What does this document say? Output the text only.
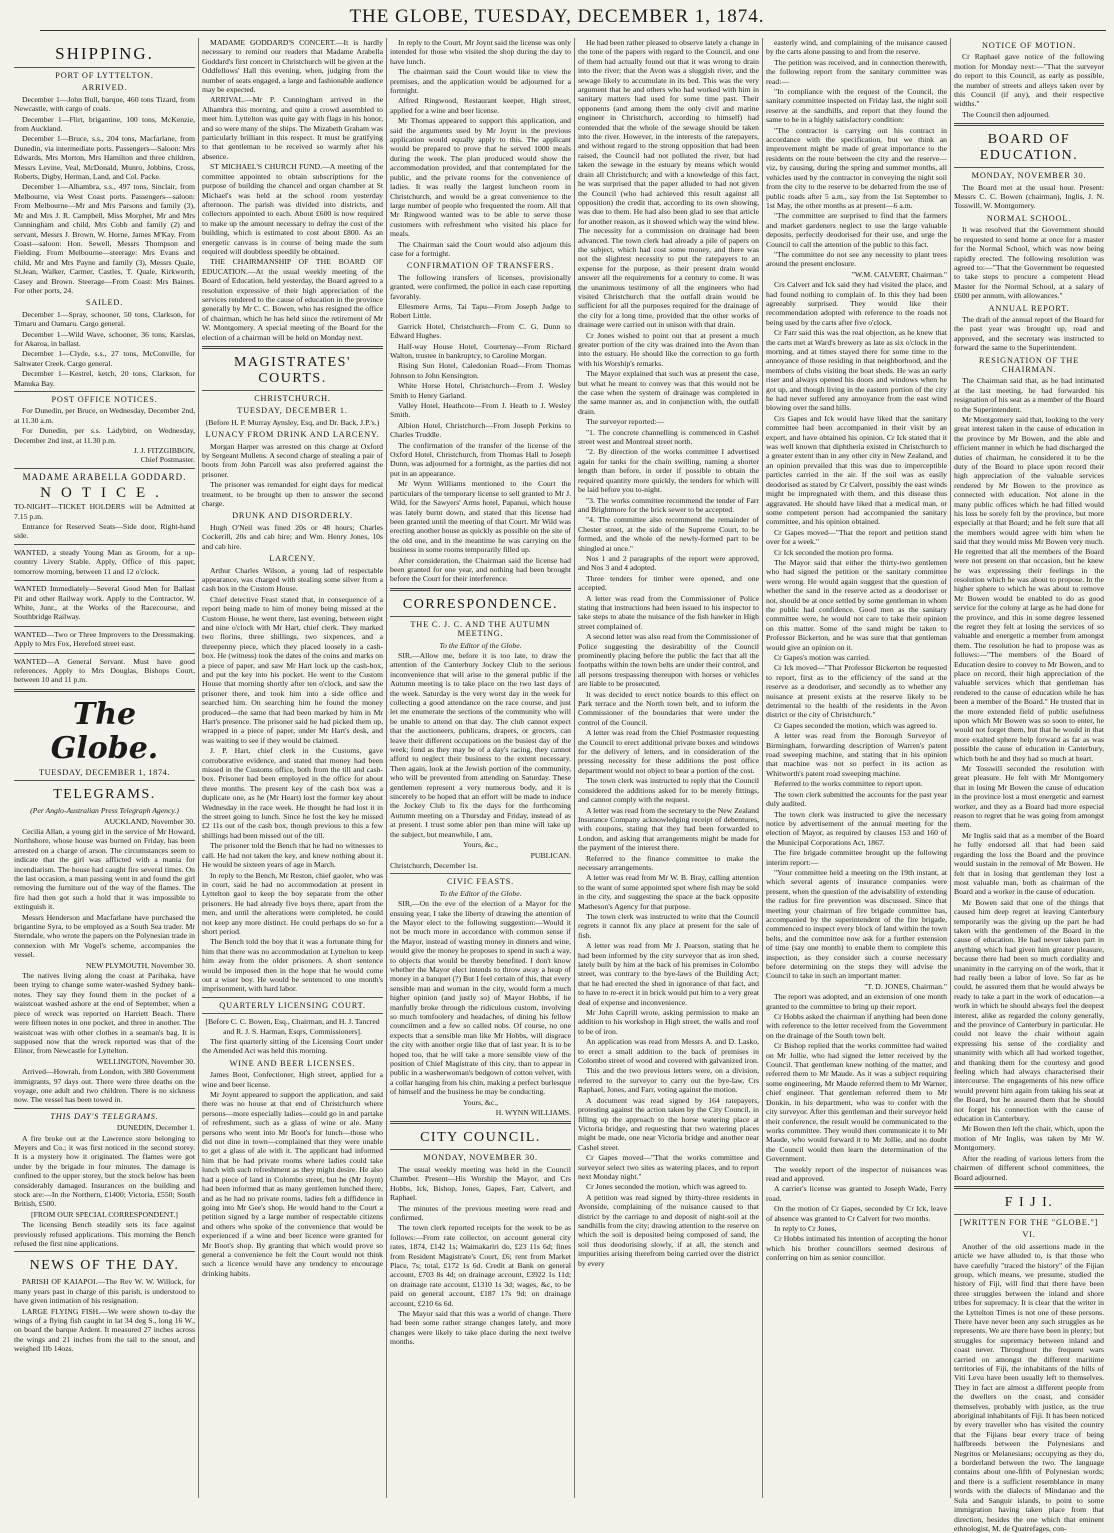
THE GLOBE, TUESDAY, DECEMBER 1, 1874.
SHIPPING.
PORT OF LYTTELTON.
ARRIVED.

December 1—John Bull, barque, 460 tons Tizard, from Newcastle, with cargo of coals.

December 1—Flirt, brigantine, 100 tons, McKenzie, from Auckland.

December 1—Bruce, s.s., 204 tons, Macfarlane, from Dunedin, via intermediate ports. Passengers—Saloon: Mrs Edwards, Mrs Morton, Mrs Hamilton and three children, Messrs Levine, Veal, McDonald, Munro, Jobbins, Cross, Roberts, Digby, Herman, Land, and Col. Packe.

December 1—Alhambra, s.s., 497 tons, Sinclair, from Melbourne, via West Coast ports. Passengers—saloon: From Melbourne—Mr and Mrs Parsons and family (3), Mr and Mrs J. R. Campbell, Miss Morphet, Mr and Mrs Cunningham and child, Mrs Cobb and family (2) and servant, Messrs J. Brown, W. Horne, James M'Kay. From Coast—saloon: Hon. Sewell, Messrs Thompson and Fielding. From Melbourne—steerage: Mrs Evans and child, Mr and Mrs Payne and family (3), Messrs Quale, St.Jean, Walker, Carmer, Castles, T. Quale, Kirkworth, Casey and Brown. Steerage—From Coast: Mrs Baines. For other ports, 24.

SAILED.

December 1—Spray, schooner, 50 tons, Clarkson, for Timaru and Oamaru. Cargo general.

December 1—Wild Wave, schooner, 36 tons, Karslas, for Akaroa, in ballast.

December 1—Clyde, s.s., 27 tons, McConville, for Saltwater Creek. Cargo general.

December 1—Kestrel, ketch, 20 tons, Clarkson, for Manuka Bay.

POST OFFICE NOTICES.

For Dunedin, per Bruce, on Wednesday, December 2nd, at 11.30 a.m.

For Dunedin, per s.s. Ladybird, on Wednesday, December 2nd inst, at 11.30 p.m.

J. J. FITZGIBBON,
Chief Postmaster.
MADAME ARABELLA GODDARD.
NOTICE.

TO-NIGHT—TICKET HOLDERS will be Admitted at 7.15 p.m.

Entrance for Reserved Seats—Side door, Right-hand side.

WANTED, a steady Young Man as Groom, for a up-country Livery Stable. Apply, Office of this paper, tomorrow morning, between 11 and 12 o'clock.

WANTED Immediately—Several Good Men for Ballast Pit and other Railway work. Apply to the Contractor, W. White, Junr., at the Works of the Racecourse, and Southbridge Railway.

WANTED—Two or Three Improvers to the Dressmaking. Apply to Mrs Fox, Hereford street east.

WANTED—A General Servant. Must have good references. Apply to Mrs Douglas, Bishops Court, between 10 and 11 p.m.

The Globe.
TUESDAY, DECEMBER 1, 1874.
TELEGRAMS.

(Per Anglo-Australian Press Telegraph Agency.)

AUCKLAND, November 30.

Cecilia Allan, a young girl in the service of Mr Howard, Northshore, whose house was burned on Friday, has been arrested on a charge of arson. The circumstances seem to indicate that the girl was afflicted with a mania for incendiarism. The house had caught fire several times. On the last occasion, a man passing went in and found the girl removing the furniture out of the way of the flames. The fire had then got such a hold that it was impossible to extinguish it.

Messrs Henderson and Macfarlane have purchased the brigantine Syra, to be employed as a South Sea trader. Mr Sterndale, who wrote the papers on the Polynesian trade in connexion with Mr Vogel's scheme, accompanies the vessel.

NEW PLYMOUTH, November 30.

The natives living along the coast at Parihaka, have been trying to change some water-washed Sydney bank-notes. They say they found them in the pocket of a waistcoat washed ashore at the end of September, when a piece of wreck was reported on Harriett Beach. There were fifteen notes in one pocket, and three in another. The waistcoat was with other clothes in a seaman's bag. It is supposed now that the wreck reported was that of the Elinor, from Newcastle for Lyttelton.

WELLINGTON, November 30.

Arrived—Howrah, from London, with 380 Government immigrants, 97 days out. There were three deaths on the voyage, one adult and two children. There is no sickness now. The vessel has been towed in.

THIS DAY'S TELEGRAMS.

DUNEDIN, December 1.

A fire broke out at the Lawrence store belonging to Meyers and Co.; it was first noticed in the second storey. It is a mystery how it originated. The flames were got under by the brigade in four minutes. The damage is confined to the upper storey, but the stock below has been considerably damaged. Insurances on the building and stock are:—In the Northern, £1400; Victoria, £550; South British, £500.

[FROM OUR SPECIAL CORRESPONDENT.]

The licensing Bench steadily sets its face against previously refused applications. This morning the Bench refused the first nine applications.

NEWS OF THE DAY.

PARISH OF KAIAPOI.—The Rev W. W. Willock, for many years past in charge of this parish, is understood to have given intimation of his resignation.

LARGE FLYING FISH.—We were shown to-day the wings of a flying fish caught in lat 34 deg S., long 16 W., on board the barque Ardent. It measured 27 inches across the wings and 21 inches from the tail to the snout, and weighed 1lb 14ozs.

MADAME GODDARD'S CONCERT.—It is hardly necessary to remind our readers that Madame Arabella Goddard's first concert in Christchurch will be given at the Oddfellows' Hall this evening, when, judging from the number of seats engaged, a large and fashionable audience may be expected.

ARRIVAL.—Mr P. Cunningham arrived in the Alhambra this morning, and quite a crowd assembled to meet him. Lyttelton was quite gay with flags in his honor, and so were many of the ships. The Mizabeth Graham was particularly brilliant in this respect. It must be gratifying to that gentleman to be received so warmly after his absence.

ST MICHAEL'S CHURCH FUND.—A meeting of the committee appointed to obtain subscriptions for the purpose of building the chancel and organ chamber at St Michael's was held at the school room yesterday afternoon. The parish was divided into districts, and collectors appointed to each. About £600 is now required to make up the amount necessary to defray the cost of the building, which is estimated to cost about £800. As an energetic canvass is in course of being made the sum required will doubtless speedily be obtained.

THE CHAIRMANSHIP OF THE BOARD OF EDUCATION.—At the usual weekly meeting of the Board of Education, held yesterday, the Board agreed to a resolution expressive of their high appreciation of the services rendered to the cause of education in the province generally by Mr C. C. Bowen, who has resigned the office of chairman, which he has held since the retirement of Mr W. Montgomery. A special meeting of the Board for the election of a chairman will be held on Monday next.

MAGISTRATES' COURTS.
CHRISTCHURCH.
TUESDAY, DECEMBER 1.

(Before H. P. Murray Aynsley, Esq, and Dr. Back, J.P.'s.)

LUNACY FROM DRINK AND LARCENY.

Morgan Harper was arrested on this charge at Oxford by Sergeant Mullens. A second charge of stealing a pair of boots from John Parcell was also preferred against the prisoner.

The prisoner was remanded for eight days for medical treatment, to be brought up then to answer the second charge.

DRUNK AND DISORDERLY.

Hugh O'Neil was fined 20s or 48 hours; Charles Cockerill, 20s and cab hire; and Wm. Henry Jones, 10s and cab hire.

LARCENY.

Arthur Charles Wilson, a young lad of respectable appearance, was charged with stealing some silver from a cash box in the Custom House.

Chief detective Feast stated that, in consequence of a report being made to him of money being missed at the Custom House, he went there, last evening, between eight and nine o'clock with Mr Hart, chief clerk. They marked two florins, three shillings, two sixpences, and a threepenny piece, which they placed loosely in a cash-box. He (witness) took the dates of the coins and marks on a piece of paper, and saw Mr Hart lock up the cash-box, and put the key into his pocket. He went to the Custom House that morning shortly after ten o'clock, and saw the prisoner there, and took him into a side office and searched him. On searching him he found the money produced—the same that had been marked by him in Mr Hart's presence. The prisoner said he had picked them up, wrapped in a piece of paper, under Mr Hart's desk, and was waiting to see if they would be claimed.

J. P. Hart, chief clerk in the Customs, gave corroborative evidence, and stated that money had been missed in the Customs office, both from the till and cash-box. Prisoner had been employed in the office for about three months. The present key of the cash box was a duplicate one, as he (Mr Heart) lost the former key about Wednesday in the race week. He thought he had lost it in the street going to lunch. Since he lost the key he missed £2 11s out of the cash box, though previous to this a few shillings had been missed out of the till.

The prisoner told the Bench that he had no witnesses to call. He had not taken the key, and knew nothing about it. He would be sixteen years of age in March.

In reply to the Bench, Mr Reston, chief gaoler, who was in court, said he had no accommodation at present in Lyttelton gaol to keep the boy separate from the other prisoners. He had already five boys there, apart from the men, and until the alterations were completed, he could not keep any more distinct. He could perhaps do so for a short period.

The Bench told the boy that it was a fortunate thing for him that there was no accommodation at Lyttelton to keep him away from the older prisoners. A short sentence would be imposed then in the hope that he would come out a wiser boy. He would be sentenced to one month's imprisonment, with hard labor.

QUARTERLY LICENSING COURT.

[Before C. C. Bowen, Esq., Chairman, and H. J. Tancred and R. J. S. Harman, Esqrs, Commissioners].

The first quarterly sitting of the Licensing Court under the Amended Act was held this morning.

WINE AND BEER LICENSES.

James Boot, Confectioner, High street, applied for a wine and beer license.

Mr Joynt appeared to support the application, and said there was no house at that end of Christchurch where persons—more especially ladies—could go in and partake of refreshment, such as a glass of wine or ale. Many persons who went into Mr Boot's for lunch—those who did not dine in town—complained that they were unable to get a glass of ale with it. The applicant had informed him that he had private rooms where ladies could take lunch with such refreshment as they might desire. He also had a piece of land in Colombo street, but he (Mr Joynt) had been informed that as many gentlemen lunched there, and as he had no private rooms, ladies felt a diffidence in going into Mr Gee's shop. He would hand to the Court a petition signed by a large number of respectable citizens and others who spoke of the convenience that would be experienced if a wine and beer licence were granted for Mr Boot's shop. By granting that which would prove so general a convenience he felt the Court would not think such a licence would have any tendency to encourage drinking habits.

In reply to the Court, Mr Joynt said the license was only intended for those who visited the shop during the day to have lunch.

The chairman said the Court would like to view the premises, and the application would be adjourned for a fortnight.

Alfred Ringwood, Restaurant keeper, High street, applied for a wine and beer license.

Mr Thomas appeared to support this application, and said the arguments used by Mr Joynt in the previous application would equally apply to this. The applicant would be prepared to prove that he served 1000 meals during the week. The plan produced would show the accommodation provided, and that contemplated for the public, and the private rooms for the convenience of ladies. It was really the largest luncheon room in Christchurch, and would be a great convenience to the large number of people who frequented the room. All that Mr Ringwood wanted was to be able to serve those customers with refreshment who visited his place for meals.

The Chairman said the Court would also adjourn this case for a fortnight.

CONFIRMATION OF TRANSFERS.

The following transfers of licenses, provisionally granted, were confirmed, the police in each case reporting favorably.

Ellesmere Arms, Tai Tapu—From Joseph Judge to Robert Little.

Garrick Hotel, Christchurch—From C. G. Dunn to Edward Hughes.

Half-way House Hotel, Courtenay—From Richard Walton, trustee in bankruptcy, to Caroline Morgan.

Rising Sun Hotel, Caledonian Road—From Thomas Johnson to John Kensington.

White Horse Hotel, Christchurch—From J. Wesley Smith to Henry Garland.

Valley Hotel, Heathcote—From J. Heath to J. Wesley Smith.

Albion Hotel, Christchurch—From Joseph Perkins to Charles Truddle.

The confirmation of the transfer of the license of the Oxford Hotel, Christchurch, from Thomas Hall to Joseph Dunn, was adjourned for a fortnight, as the parties did not put in an appearance.

Mr Wynn Williams mentioned to the Court the particulars of the temporary license to sell granted to Mr J. Wild, for the Sawyers' Arms hotel, Papanui, which house was lately burnt down, and stated that this license had been granted until the meeting of that Court. Mr Wild was erecting another house as quickly as possible on the site of the old one, and in the meantime he was carrying on the business in some rooms temporarily filled up.

After consideration, the Chairman said the license had been granted for one year, and nothing had been brought before the Court for their interference.

CORRESPONDENCE.
THE C. J. C. AND THE AUTUMN MEETING.

To the Editor of the Globe.

SIR,—Allow me, before it is too late, to draw the attention of the Canterbury Jockey Club to the serious inconvenience that will arise to the general public if the Autumn meeting is to take place on the two last days of the week. Saturday is the very worst day in the week for collecting a good attendance on the race course, and just let me enumerate the sections of the community who will be unable to attend on that day. The club cannot expect that the auctioneers, publicans, drapers, or grocers, can leave their different occupations on the busiest day of the week; fond as they may be of a day's racing, they cannot afford to neglect their business to the extent necessary. Then again, look at the Jewish portion of the community, who will be prevented from attending on Saturday. These gentlemen represent a very numerous body, and it is sincerely to be hoped that an effort will be made to induce the Jockey Club to fix the days for the forthcoming Autumn meeting on a Thursday and Friday, instead of as at present. I trust some abler pen than mine will take up the subject, but meanwhile, I am,

Yours, &c.,

PUBLICAN.

Christchurch, December 1st.

CIVIC FEASTS.

To the Editor of the Globe.

SIR,—On the eve of the election of a Mayor for the ensuing year, I take the liberty of drawing the attention of the Mayor elect to the following suggestion:—Would it not be much more in accordance with common sense if the Mayor, instead of wasting money in dinners and wine, would give the money he proposes to spend in such a way, to objects that would be thereby benefited. I don't know whether the Mayor elect intends to throw away a heap of money in a banquet (?) But I feel certain of this, that every sensible man and woman in the city, would form a much higher opinion (and justly so) of Mayor Hobbs, if he manfully broke through the ridiculous custom, involving so much tomfoolery and headaches, of dining his fellow councilmen and a few so called nobs. Of course, no one expects that a sensible man like Mr Hobbs, will disgrace the city with another orgie like that of last year. It is to be hoped too, that he will take a more sensible view of the position of Chief Magistrate of this city, than to appear in public in a washerwoman's bedgown of cotton velvet, with a collar hanging from his chin, making a perfect burlesque of himself and the business he may be conducting.

Yours, &c.,

H. WYNN WILLIAMS.

CITY COUNCIL.
MONDAY, NOVEMBER 30.

The usual weekly meeting was held in the Council Chamber. Present—His Worship the Mayor, and Crs Hobbs, Ick, Bishop, Jones, Gapes, Farr, Calvert, and Raphael.

The minutes of the previous meeting were read and confirmed.

The town clerk reported receipts for the week to be as follows:—From rate collector, on account general city rates, 1874, £142 1s; Waimakariri do, £23 11s 6d; fines from Resident Magistrate's Court, £6; rent from Market Place, 7s; total, £172 1s 6d. Credit at Bank on general account, £703 8s 4d; on drainage account, £3922 1s 11d; on drainage rate account, £1310 1s 3d; wages, &c, to be paid on general account, £187 17s 9d; on drainage account, £210 6s 6d.

The Mayor said that this was a world of change. There had been some rather strange changes lately, and more changes were likely to take place during the next twelve months.

He had been rather pleased to observe lately a change in the tone of the papers with regard to the Council, and one of them had actually found out that it was wrong to drain into the river; that the Avon was a sluggish river, and the sewage likely to accumulate in its bed. This was the very argument that he and others who had worked with him in sanitary matters had used for some time past. Their opponents (and among them the only civil and marine engineer in Christchurch, according to himself) had contended that the whole of the sewage should be taken into the river. However, in the interests of the ratepayers, and without regard to the strong opposition that had been raised, the Council had not polluted the river, but had taken the sewage in the estuary by means which would drain all Christchurch; and with a knowledge of this fact, he was surprised that the paper alluded to had not given the Council (who had achieved this result against all opposition) the credit that, according to its own showing, was due to them. He had also been glad to see that article for another reason, as it showed which way the wind blew. The necessity for a commission on drainage had been advanced. The town clerk had already a pile of papers on the subject, which had cost some money, and there was not the slightest necessity to put the ratepayers to an expense for the purpose, as their present drain would answer all the requirements for a century to come. It was the unanimous testimony of all the engineers who had visited Christchurch that the outfall drain would be sufficient for all the purposes required for the drainage of the city for a long time, provided that the other works of drainage were carried out in unison with that drain.

Cr Jones wished to point out that at present a much greater portion of the city was drained into the Avon than into the estuary. He should like the correction to go forth with his Worship's remarks.

The Mayor explained that such was at present the case, but what he meant to convey was that this would not be the case when the system of drainage was completed in the same manner as, and in conjunction with, the outfall drain.

The surveyor reported:—

"1. The concrete channelling is commenced in Cashel street west and Montreal street north.

"2. By direction of the works committee I advertised again for tanks for the chain swilling, naming a shorter length than before, in order if possible to obtain the required quantity more quickly, the tenders for which will be laid before you to-night.

"3. The works committee recommend the tender of Farr and Brightmore for the brick sewer to be accepted.

"4. The committee also recommend the remainder of Chester street, at the side of the Supreme Court, to be formed, and the whole of the newly-formed part to be shingled at once."

Nos 1 and 2 paragraphs of the report were approved, and Nos 3 and 4 adopted.

Three tenders for timber were opened, and one accepted.

A letter was read from the Commissioner of Police stating that instructions had been issued to his inspector to take steps to abate the nuisance of the fish hawker in High street complained of.

A second letter was also read from the Commissioner of Police suggesting the desirability of the Council prominently placing before the public the fact that all the footpaths within the town belts are under their control, and all persons trespassing thereupon with horses or vehicles are liable to be prosecuted.

It was decided to erect notice boards to this effect on Park terrace and the North town belt, and to inform the Commissioner of the boundaries that were under the control of the Council.

A letter was read from the Chief Postmaster requesting the Council to erect additional private boxes and windows for the delivery of letters, and in consideration of the pressing necessity for these additions the post office department would not object to bear a portion of the cost.

The town clerk was instructed to reply that the Council considered the additions asked for to be merely fittings, and cannot comply with the request.

A letter was read from the secretary to the New Zealand Insurance Company acknowledging receipt of debentures, with coupons, stating that they had been forwarded to London, and asking that arrangements might be made for the payment of the interest there.

Referred to the finance committee to make the necessary arrangements.

A letter was read from Mr W. B. Bray, calling attention to the want of some appointed spot where fish may be sold in the city, and suggesting the space at the back opposite Matheson's Agency for that purpose.

The town clerk was instructed to write that the Council regrets it cannot fix any place at present for the sale of fish.

A letter was read from Mr J. Pearson, stating that he had been informed by the city surveyor that as iron shed, lately built by him at the back of his premises in Colombo street, was contrary to the bye-laws of the Building Act; that he had erected the shed in ignorance of that fact, and to have to re-erect it in brick would put him to a very great deal of expense and inconvenience.

Mr John Caprill wrote, asking permission to make an addition to his workshop in High street, the walls and roof to be of iron.

An application was read from Messrs A. and D. Lasko, to erect a small addition to the back of premises in Colombo street of wood and covered with galvanized iron.

This and the two previous letters were, on a division, referred to the surveyor to carry out the bye-law, Crs Raphael, Jones, and Farr, voting against the motion.

A document was read signed by 164 ratepayers, protesting against the action taken by the City Council, in filling up the approach to the horse watering place at Victoria bridge, and requesting that two watering places might be made, one near Victoria bridge and another near Cashel street.

Cr Gapes moved—"That the works committee and surveyor select two sites as watering places, and to report next Monday night."

Cr Jones seconded the motion, which was agreed to.

A petition was read signed by thirty-three residents in Avonside, complaining of the nuisance caused to that district by the carriage to and deposit of night-soil at the sandhills from the city; drawing attention to the reserve on which the soil is deposited being composed of sand, the soil thus deodorising slowly, if at all, the stench and impurities arising therefrom being carried over the district by every

easterly wind, and complaining of the nuisance caused by the carts alone passing to and from the reserve.

The petition was received, and in connection therewith, the following report from the sanitary committee was read:—

"In compliance with the request of the Council, the sanitary committee inspected on Friday last, the night soil reserve at the sandhills, and report that they found the same to be in a highly satisfactory condition:

"The contractor is carrying out his contract in accordance with the specification, but we think an improvement might be made of great importance to the residents on the route between the city and the reserve—viz, by causing, during the spring and summer months, all vehicles used by the contractor in conveying the night soil from the city to the reserve to be debarred from the use of public roads after 5 a.m., say from the 1st September to 1st May, the other months as at present—6 a.m.

"The committee are surprised to find that the farmers and market gardeners neglect to use the large valuable deposits, perfectly deodorised for their use, and urge the Council to call the attention of the public to this fact.

"The committee do not see any necessity to plant trees around the present enclosure.

"W.M. CALVERT, Chairman."

Crs Calvert and Ick said they had visited the place, and had found nothing to complain of. In this they had been agreeably surprised. They would like their recommendation adopted with reference to the roads not being used by the carts after five o'clock.

Cr Farr said this was the real objection, as he knew that the carts met at Ward's brewery as late as six o'clock in the morning, and at times stayed there for some time to the annoyance of those residing in that neighborhood, and the members of clubs visiting the boat sheds. He was an early riser and always opened his doors and windows when he got up, and though living in the eastern portion of the city he had never suffered any annoyance from the east wind blowing over the sand hills.

Crs Gapes and Ick would have liked that the sanitary committee had been accompanied in their visit by an expert, and have obtained his opinion. Cr Ick stated that it was well known that diphtheria existed in Christchurch to a greater extent than in any other city in New Zealand, and an opinion prevailed that this was due to imperceptible particles carried in the air. If the soil was as easily deodorised as stated by Cr Calvert, possibly the east winds might be impregnated with them, and this disease thus aggravated. He should have liked that a medical man, or some competent person had accompanied the sanitary committee, and his opinion obtained.

Cr Gapes moved—"That the report and petition stand over for a week."

Cr Ick seconded the motion pro forma.

The Mayor said that either the thirty-two gentlemen who had signed the petition or the sanitary committee were wrong. He would again suggest that the question of whether the sand in the reserve acted as a deodoriser or not, should be at once settled by some gentleman in whom the public had confidence. Good men as the sanitary committee were, he would not care to take their opinion on this matter. Some of the sand might be taken to Professor Bickerton, and he was sure that that gentleman would give an opinion on it.

Cr Gapes's motion was carried.

Cr Ick moved—"That Professor Bickerton be requested to report, first as to the efficiency of the sand at the reserve as a deodoriser, and secondly as to whether any nuisance at present exists at the reserve likely to be detrimental to the health of the residents in the Avon district or the city of Christchurch."

Cr Gapes seconded the motion, which was agreed to.

A letter was read from the Borough Surveyor of Birmingham, forwarding description of Warren's patent road sweeping machine, and stating that in his opinion that machine was not so perfect in its action as Whitworth's patent road sweeping machine.

Referred to the works committee to report upon.

The town clerk submitted the accounts for the past year duly audited.

The town clerk was instructed to give the necessary notice by advertisement of the annual meeting for the election of Mayor, as required by clauses 153 and 160 of the Municipal Corporations Act, 1867.

The fire brigade committee brought up the following interim report:—

"Your committee held a meeting on the 19th instant, at which several agents of insurance companies were present, when the question of the advisability of extending the radius for fire prevention was discussed. Since that meeting your chairman of fire brigade committee has, accompanied by the superintendent of the fire brigade, commenced to inspect every block of land within the town belts, and the committee now ask for a further extension of time (say one month) to enable them to complete this inspection, as they consider such a course necessary before determining on the steps they will advise the Council to take in such an important matter.

"T. D. JONES, Chairman."

The report was adopted, and an extension of one month granted to the committee to bring up their report.

Cr Hobbs asked the chairman if anything had been done with reference to the letter received from the Government on the drainage of the South town belt.

Cr Bishop replied that the works committee had waited on Mr Jollie, who had signed the letter received by the Council. That gentleman knew nothing of the matter, and referred them to Mr Maude. As it was a subject requiring some engineering, Mr Maude referred them to Mr Warner, chief engineer. That gentleman referred them to Mr Donkin, in his department, who was to confer with the city surveyor. After this gentleman and their surveyor held their conference, the result would be communicated to the works committee. They would then communicate it to Mr Maude, who would forward it to Mr Jollie, and no doubt the Council would then learn the determination of the Government.

The weekly report of the inspector of nuisances was read and approved.

A carrier's license was granted to Joseph Wade, Ferry road.

On the motion of Cr Gapes, seconded by Cr Ick, leave of absence was granted to Cr Calvert for two months.

In reply to Cr Jones,

Cr Hobbs intimated his intention of accepting the honor which his brother councillors seemed desirous of conferring on him as senior councillor.

NOTICE OF MOTION.

Cr Raphael gave notice of the following motion for Monday next:—"That the surveyor do report to this Council, as early as possible, the number of streets and alleys taken over by this Council (if any), and their respective widths."

The Council then adjourned.

BOARD OF EDUCATION.
MONDAY, NOVEMBER 30.

The Board met at the usual hour. Present: Messrs C. C. Bowen (chairman), Inglis, J. N. Tosswill, W. Montgomery.

NORMAL SCHOOL.

It was resolved that the Government should be requested to send home at once for a master for the Normal School, which was now being rapidly erected. The following resolution was agreed to:—"That the Government be requested to take steps to procure a competent Head Master for the Normal School, at a salary of £600 per annum, with allowances."

ANNUAL REPORT.

The draft of the annual report of the Board for the past year was brought up, read and approved, and the secretary was instructed to forward the same to the Superintendent.

RESIGNATION OF THE CHAIRMAN.

The Chairman said that, as he had intimated at the last meeting, he had forwarded his resignation of his seat as a member of the Board to the Superintendent.

Mr Montgomery said that, looking to the very great interest taken in the cause of education in the province by Mr Bowen, and the able and efficient manner in which he had discharged the duties of chairman, he considered it to be the duty of the Board to place upon record their high appreciation of the valuable services rendered by Mr Bowen to the province as connected with education. Not alone in the many public offices which he had filled would his loss be sorely felt by the province, but more especially at that Board; and he felt sure that all the members would agree with him when he said that they would miss Mr Bowen very much. He regretted that all the members of the Board were not present on that occasion, but he knew he was expressing their feelings in the resolution which he was about to propose. In the higher sphere to which he was about to remove Mr Bowen would be enabled to do as good service for the colony at large as he had done for the province, and this in some degree lessened the regret they felt at losing the services of so valuable and energetic a member from amongst them. The resolution he had to propose was as follows:—"The members of the Board of Education desire to convey to Mr Bowen, and to place on record, their high appreciation of the valuable services which that gentleman has rendered to the cause of education while he has been a member of the Board." He trusted that in the more extended field of public usefulness upon which Mr Bowen was so soon to enter, he would not forget them, but that he would in that more exalted sphere help forward as far as was possible the cause of education in Canterbury, which both he and they had so much at heart.

Mr Tosswill seconded the resolution with great pleasure. He felt with Mr Montgomery that in losing Mr Bowen the cause of education in the province lost a most energetic and earnest worker, and they as a Board had more especial reason to regret that he was going from amongst them.

Mr Inglis said that as a member of the Board he fully endorsed all that had been said regarding the loss the Board and the province would sustain in the removal of Mr Bowen. He felt that in losing that gentleman they lost a most valuable man, both as chairman of the Board and a worker in the cause of education.

Mr Bowen said that one of the things that caused him deep regret at leaving Canterbury temporarily was the giving up the part he had taken with the gentlemen of the Board in the cause of education. He had never taken part in anything which had given him greater pleasure, because there had been so much cordiality and unanimity in the carrying on of the work, that it had really been a labor of love. So far as he could, he assured them that he would always be ready to take a part in the work of education—a work in which he should always feel the deepest interest, alike as regarded the colony generally, and the province of Canterbury in particular. He could not leave the chair without again expressing his sense of the cordiality and unanimity with which all had worked together, and thanking them for the courtesy and good feeling which had always characterised their intercourse. The engagements of his new office would prevent him again from taking his seat at the Board, but he assured them that he should not forget his connection with the cause of education in Canterbury.

Mr Bowen then left the chair, which, upon the motion of Mr Inglis, was taken by Mr W. Montgomery.

After the reading of various letters from the chairmen of different school committees, the Board adjourned.

F I J I.
[WRITTEN FOR THE "GLOBE."]
VI.

Another of the old assertions made in the article we have alluded to, is that those who have carefully "traced the history" of the Fijian group, which means, we presume, studied the history of Fiji, will find that there have been three struggles between the inland and shore tribes for supremacy. It is clear that the writer in the Lyttelton Times is not one of these persons. There have never been any such struggles as he represents. We are there have been in plenty; but struggles for supremacy between inland and coast never. Throughout the frequent wars carried on amongst the different maritime territories of Fiji, the inhabitants of the hills of Viti Levu have been usually left to themselves. They in fact are almost a different people from the dwellers on the coast, and consider themselves, probably with justice, as the true aboriginal inhabitants of Fiji. It has been noticed by every traveller who has visited the country that the Fijians bear every trace of being halfbreeds between the Polynesians and Negritos or Melanesians; occupying as they do, a borderland between the two. The language contains about one-fifth of Polynesian words; and there is a sufficient resemblance in many words with the dialects of Mindanao and the Sula and Sanguir islands, to point to some immigration having taken place from that direction, besides the one which that eminent ethnologist, M. de Quatrefages, con-
